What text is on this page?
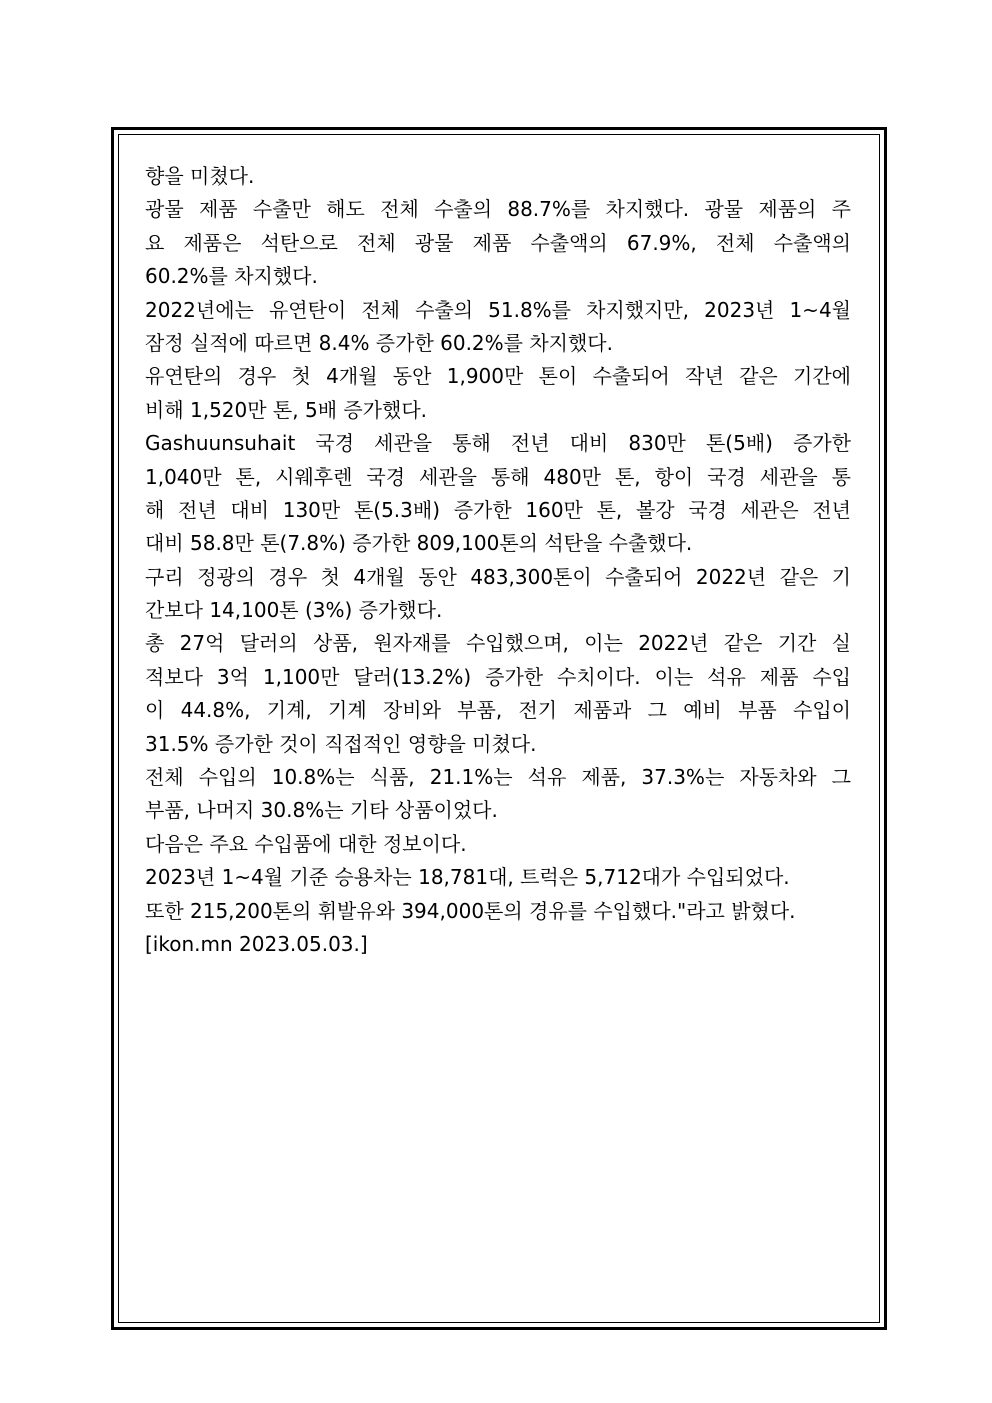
향을 미쳤다.
광물 제품 수출만 해도 전체 수출의 88.7%를 차지했다. 광물 제품의 주
요 제품은 석탄으로 전체 광물 제품 수출액의 67.9%, 전체 수출액의
60.2%를 차지했다.
2022년에는 유연탄이 전체 수출의 51.8%를 차지했지만, 2023년 1~4월
잠정 실적에 따르면 8.4% 증가한 60.2%를 차지했다.
유연탄의 경우 첫 4개월 동안 1,900만 톤이 수출되어 작년 같은 기간에
비해 1,520만 톤, 5배 증가했다.
Gashuunsuhait 국경 세관을 통해 전년 대비 830만 톤(5배) 증가한
1,040만 톤, 시웨후렌 국경 세관을 통해 480만 톤, 항이 국경 세관을 통
해 전년 대비 130만 톤(5.3배) 증가한 160만 톤, 볼강 국경 세관은 전년
대비 58.8만 톤(7.8%) 증가한 809,100톤의 석탄을 수출했다.
구리 정광의 경우 첫 4개월 동안 483,300톤이 수출되어 2022년 같은 기
간보다 14,100톤 (3%) 증가했다.
총 27억 달러의 상품, 원자재를 수입했으며, 이는 2022년 같은 기간 실
적보다 3억 1,100만 달러(13.2%) 증가한 수치이다. 이는 석유 제품 수입
이 44.8%, 기계, 기계 장비와 부품, 전기 제품과 그 예비 부품 수입이
31.5% 증가한 것이 직접적인 영향을 미쳤다.
전체 수입의 10.8%는 식품, 21.1%는 석유 제품, 37.3%는 자동차와 그
부품, 나머지 30.8%는 기타 상품이었다.
다음은 주요 수입품에 대한 정보이다.
2023년 1~4월 기준 승용차는 18,781대, 트럭은 5,712대가 수입되었다.
또한 215,200톤의 휘발유와 394,000톤의 경유를 수입했다."라고 밝혔다.
[ikon.mn 2023.05.03.]
